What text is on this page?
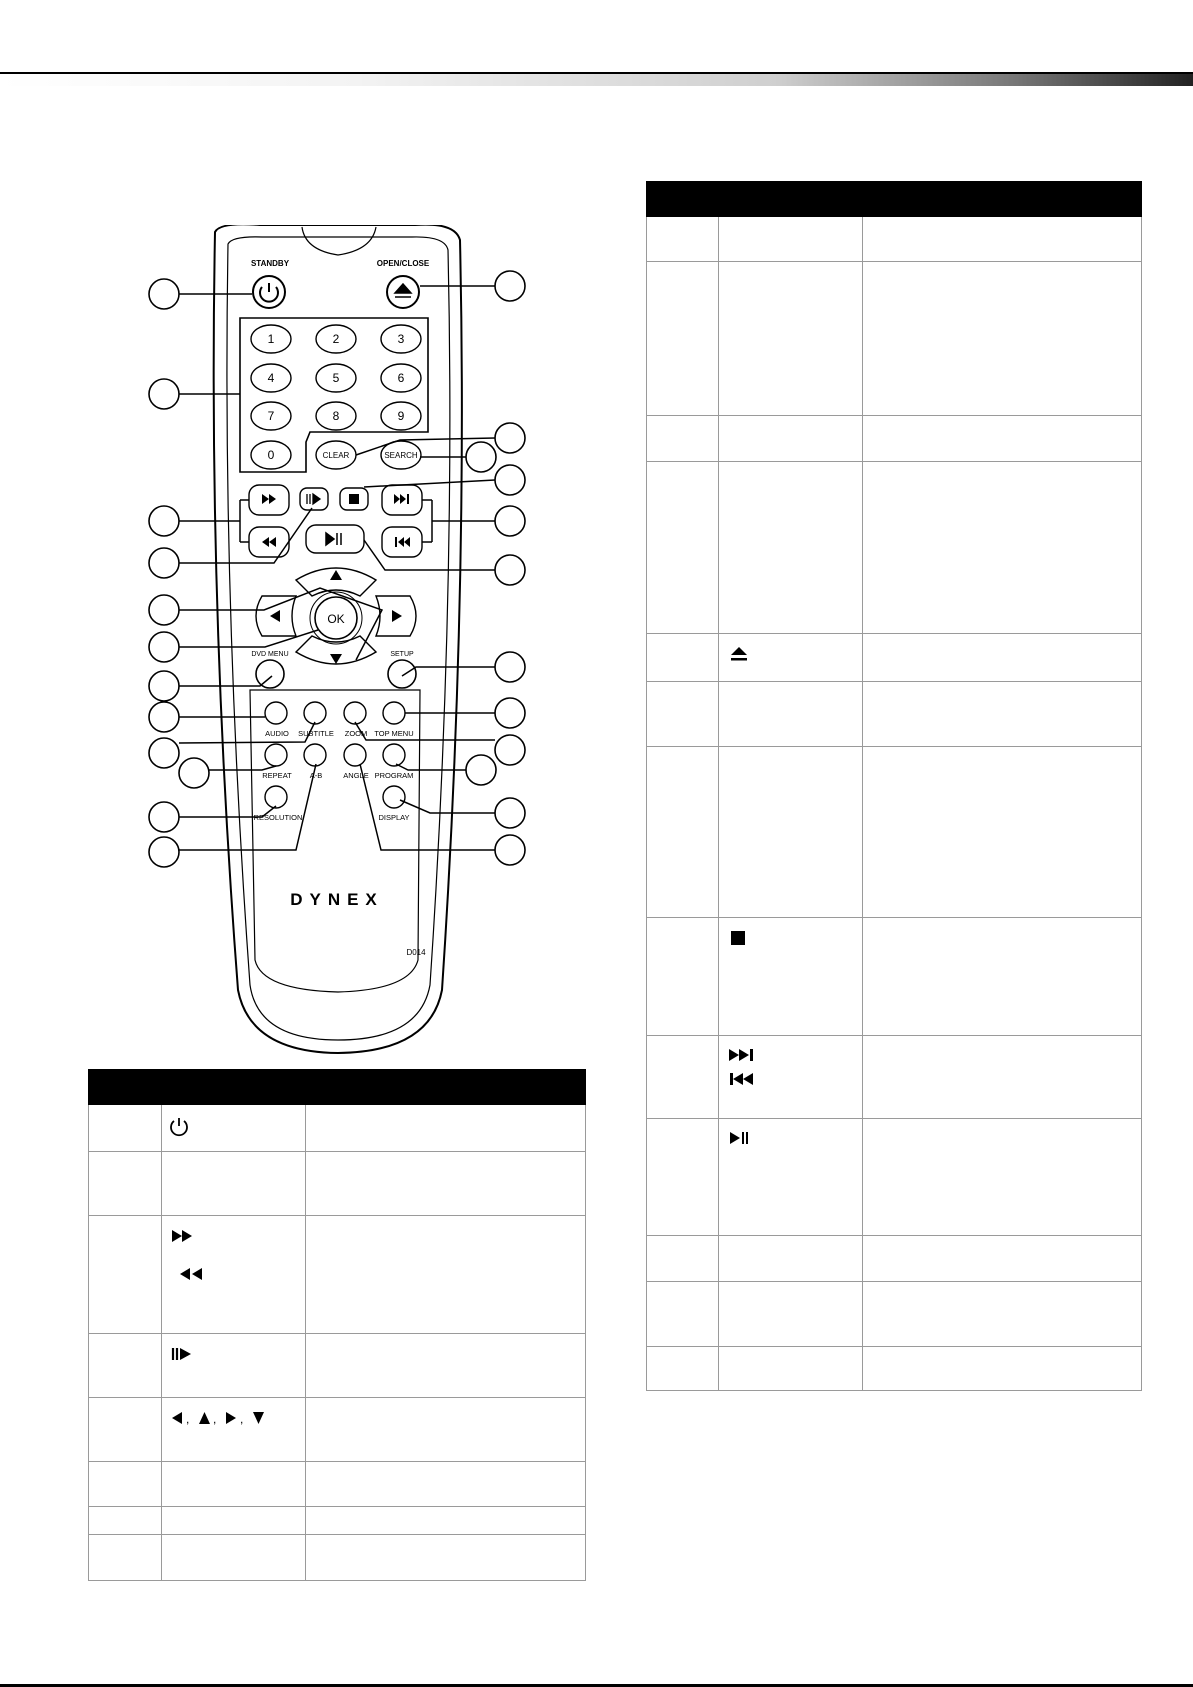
STANDBY	OPEN/CLOSE
1	2	3
4	5	6
7	8	9
0	CLEAR	SEARCH
OK
DVD MENU	SETUP
AUDIO SUBTITLE ZOOM TOP MENU
REPEAT A-B	ANGLE PROGRAM
RESOLUTION	DISPLAY
DYNEX
D014

, , ,	
